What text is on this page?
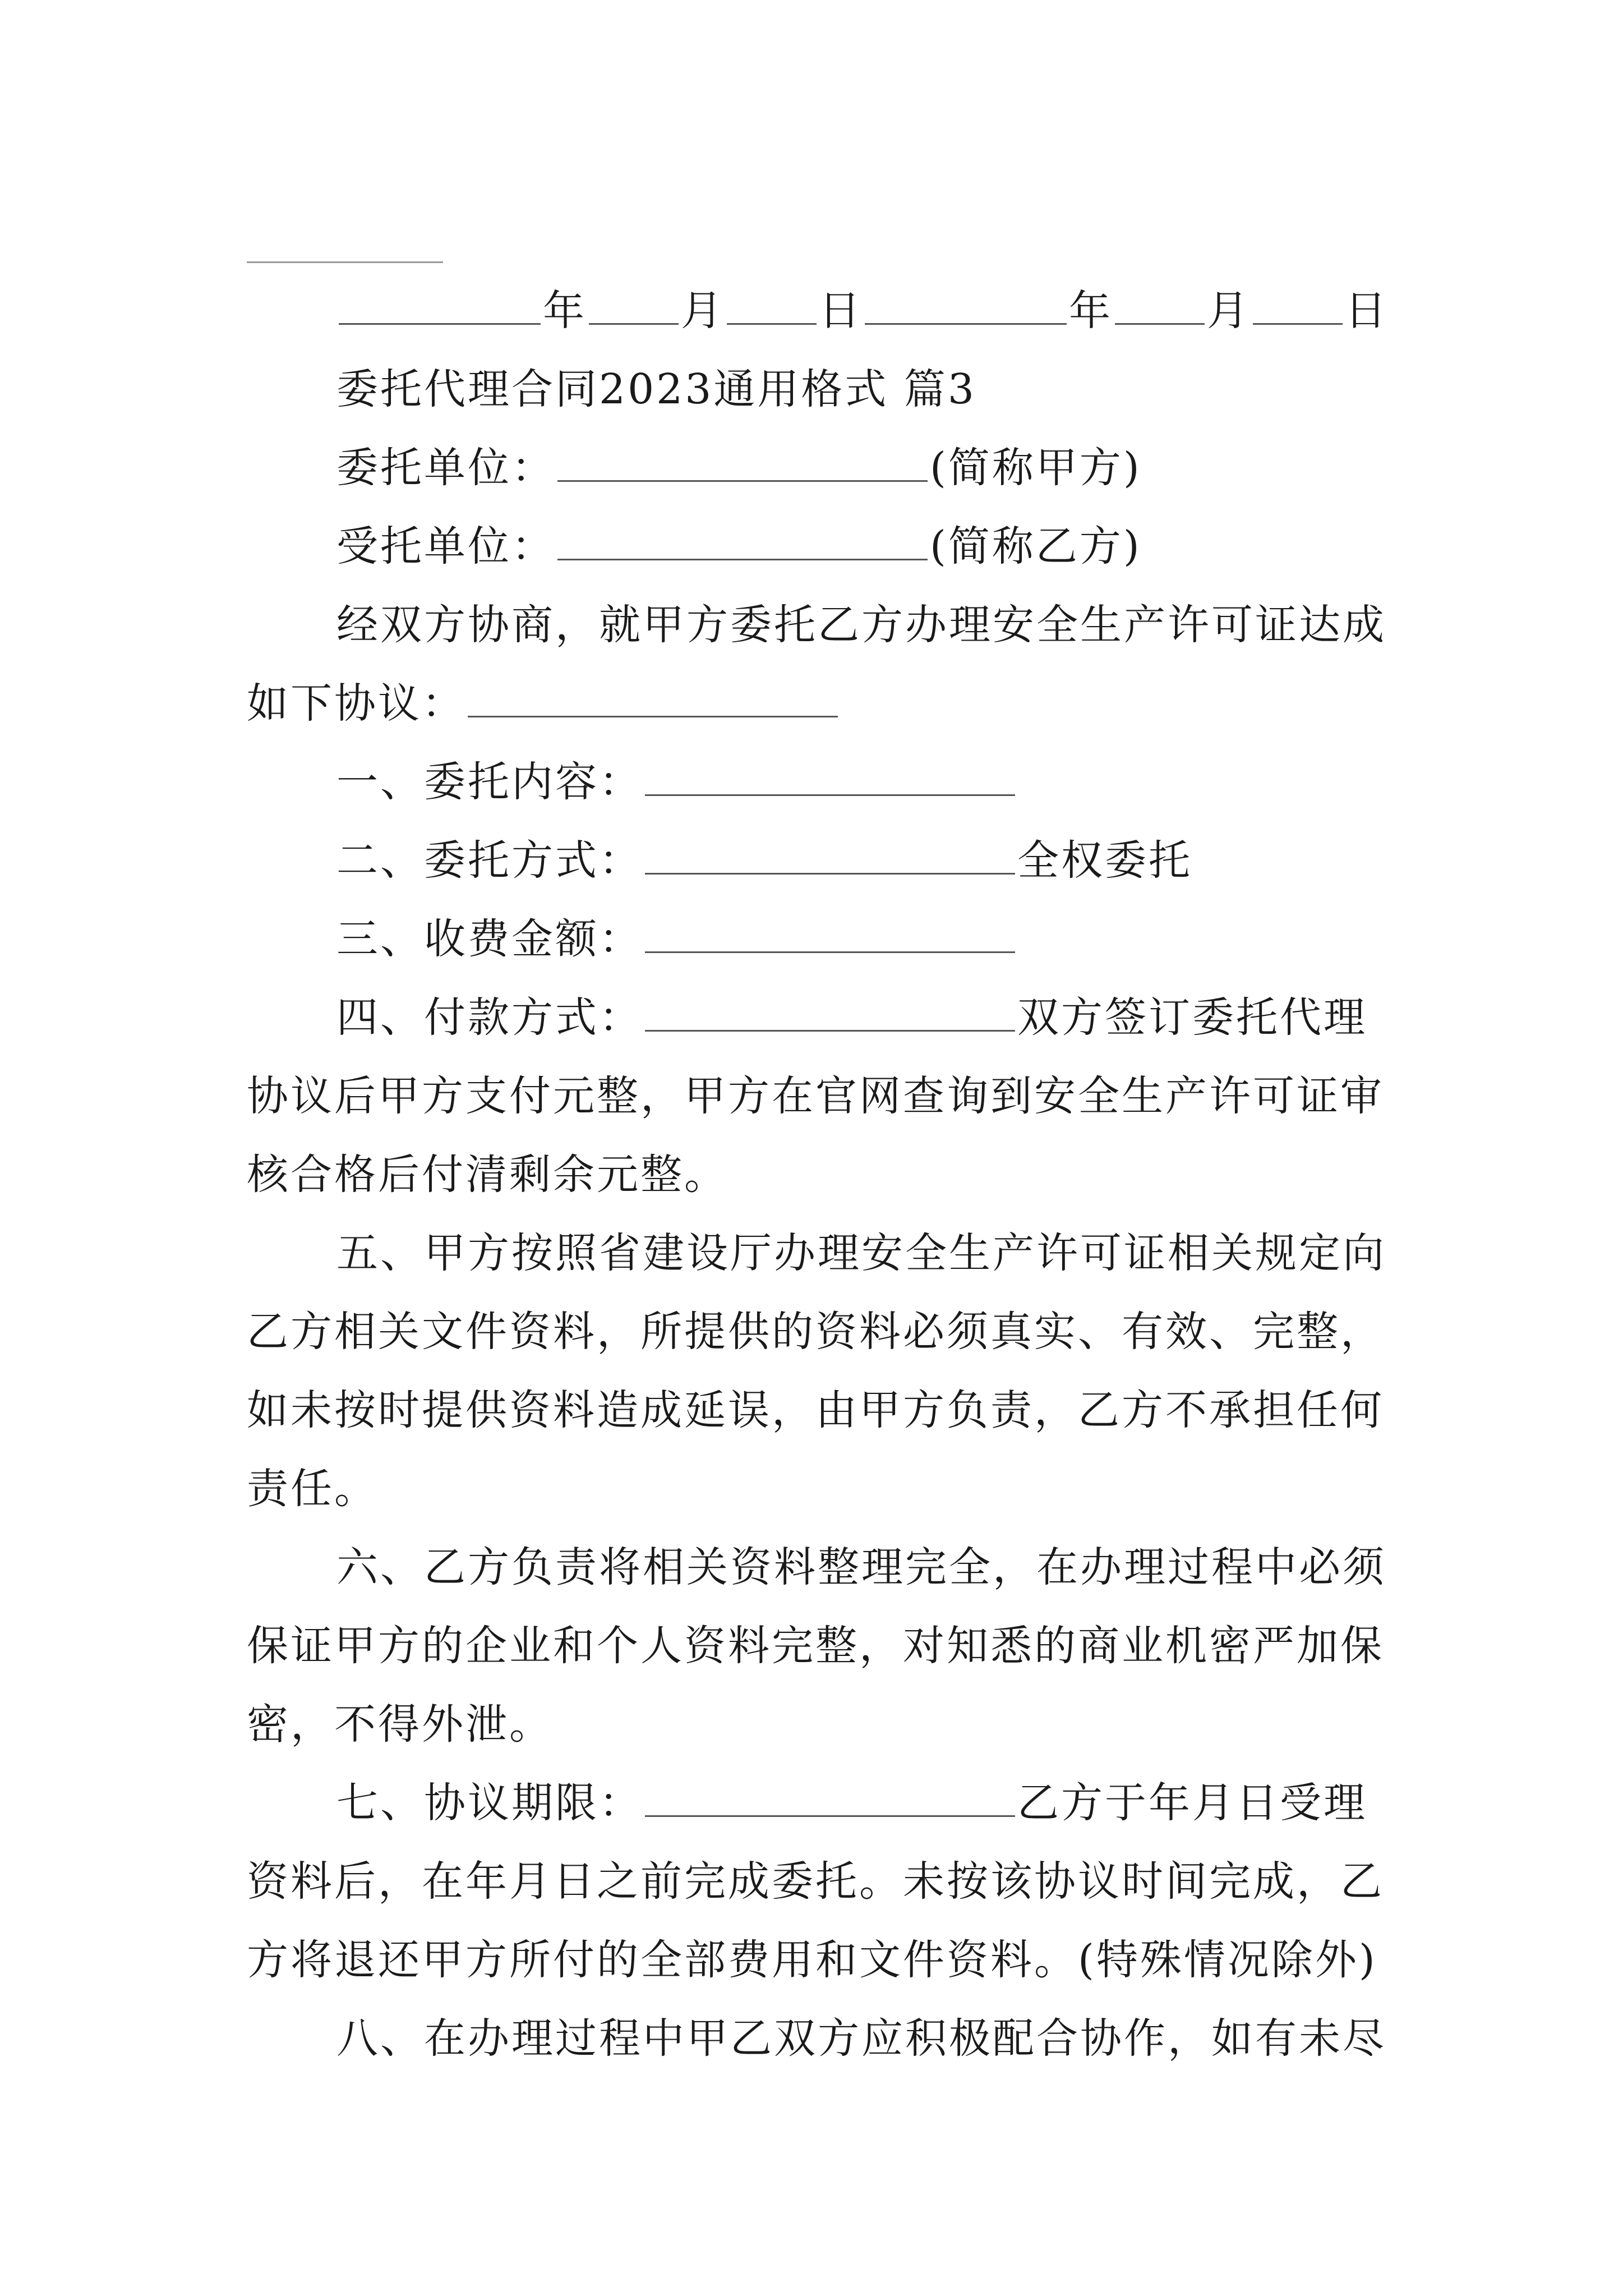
年 月 日	年 月 日
委托代理合同2023通用格式 篇3
委托单位：	(简称甲方)
受托单位：	(简称乙方)
经双方协商，就甲方委托乙方办理安全生产许可证达成
如下协议：
一、委托内容：
二、委托方式：	全权委托
三、收费金额：
四、付款方式：	双方签订委托代理
协议后甲方支付元整，甲方在官网查询到安全生产许可证审
核合格后付清剩余元整。
五、甲方按照省建设厅办理安全生产许可证相关规定向
乙方相关文件资料，所提供的资料必须真实、有效、完整，
如未按时提供资料造成延误，由甲方负责，乙方不承担任何
责任。
六、乙方负责将相关资料整理完全，在办理过程中必须
保证甲方的企业和个人资料完整，对知悉的商业机密严加保
密，不得外泄。
七、协议期限：	乙方于年月日受理
资料后，在年月日之前完成委托。未按该协议时间完成，乙
方将退还甲方所付的全部费用和文件资料。(特殊情况除外)
八、在办理过程中甲乙双方应积极配合协作，如有未尽
